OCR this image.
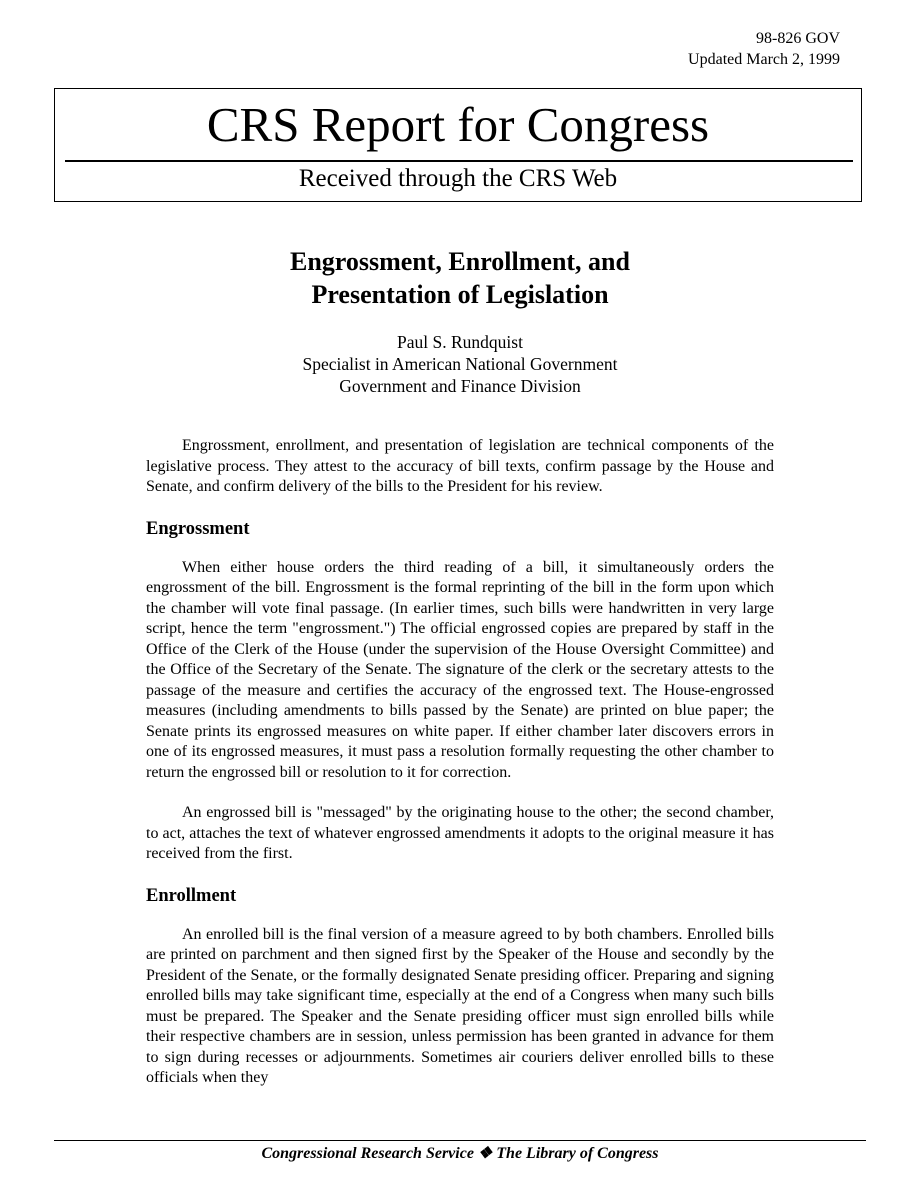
98-826 GOV
Updated March 2, 1999
CRS Report for Congress
Received through the CRS Web
Engrossment, Enrollment, and
Presentation of Legislation
Paul S. Rundquist
Specialist in American National Government
Government and Finance Division

Engrossment, enrollment, and presentation of legislation are technical components of the legislative process. They attest to the accuracy of bill texts, confirm passage by the House and Senate, and confirm delivery of the bills to the President for his review.

Engrossment

When either house orders the third reading of a bill, it simultaneously orders the engrossment of the bill. Engrossment is the formal reprinting of the bill in the form upon which the chamber will vote final passage. (In earlier times, such bills were handwritten in very large script, hence the term "engrossment.") The official engrossed copies are prepared by staff in the Office of the Clerk of the House (under the supervision of the House Oversight Committee) and the Office of the Secretary of the Senate. The signature of the clerk or the secretary attests to the passage of the measure and certifies the accuracy of the engrossed text. The House-engrossed measures (including amendments to bills passed by the Senate) are printed on blue paper; the Senate prints its engrossed measures on white paper. If either chamber later discovers errors in one of its engrossed measures, it must pass a resolution formally requesting the other chamber to return the engrossed bill or resolution to it for correction.

An engrossed bill is "messaged" by the originating house to the other; the second chamber, to act, attaches the text of whatever engrossed amendments it adopts to the original measure it has received from the first.

Enrollment

An enrolled bill is the final version of a measure agreed to by both chambers. Enrolled bills are printed on parchment and then signed first by the Speaker of the House and secondly by the President of the Senate, or the formally designated Senate presiding officer. Preparing and signing enrolled bills may take significant time, especially at the end of a Congress when many such bills must be prepared. The Speaker and the Senate presiding officer must sign enrolled bills while their respective chambers are in session, unless permission has been granted in advance for them to sign during recesses or adjournments. Sometimes air couriers deliver enrolled bills to these officials when they

Congressional Research Service ❖ The Library of Congress
